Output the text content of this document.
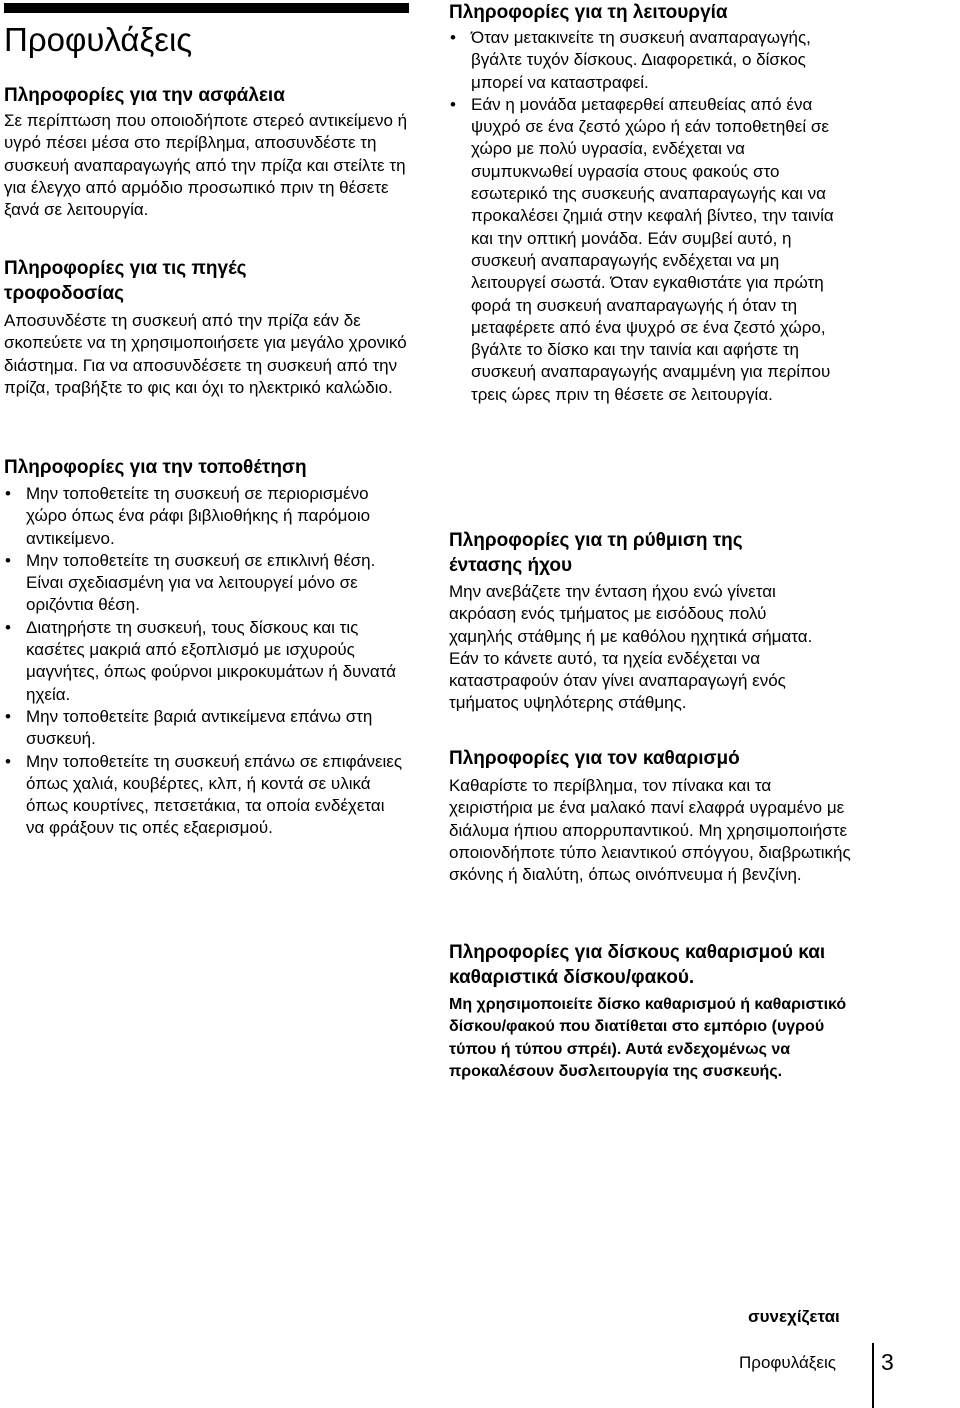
Προφυλάξεις
Πληροφορίες για την ασφάλεια

Σε περίπτωση που οποιοδήποτε στερεό αντικείμενο ή υγρό πέσει μέσα στο περίβλημα, αποσυνδέστε τη συσκευή αναπαραγωγής από την πρίζα και στείλτε τη για έλεγχο από αρμόδιο προσωπικό πριν τη θέσετε ξανά σε λειτουργία.

Πληροφορίες για τις πηγές τροφοδοσίας

Αποσυνδέστε τη συσκευή από την πρίζα εάν δε σκοπεύετε να τη χρησιμοποιήσετε για μεγάλο χρονικό διάστημα. Για να αποσυνδέσετε τη συσκευή από την πρίζα, τραβήξτε το φις και όχι το ηλεκτρικό καλώδιο.

Πληροφορίες για την τοποθέτηση
• Μην τοποθετείτε τη συσκευή σε περιορισμένο χώρο όπως ένα ράφι βιβλιοθήκης ή παρόμοιο αντικείμενο.
• Μην τοποθετείτε τη συσκευή σε επικλινή θέση. Είναι σχεδιασμένη για να λειτουργεί μόνο σε οριζόντια θέση.
• Διατηρήστε τη συσκευή, τους δίσκους και τις κασέτες μακριά από εξοπλισμό με ισχυρούς μαγνήτες, όπως φούρνοι μικροκυμάτων ή δυνατά ηχεία.
• Μην τοποθετείτε βαριά αντικείμενα επάνω στη συσκευή.
• Μην τοποθετείτε τη συσκευή επάνω σε επιφάνειες όπως χαλιά, κουβέρτες, κλπ, ή κοντά σε υλικά όπως κουρτίνες, πετσετάκια, τα οποία ενδέχεται να φράξουν τις οπές εξαερισμού.
Πληροφορίες για τη λειτουργία
• Όταν μετακινείτε τη συσκευή αναπαραγωγής, βγάλτε τυχόν δίσκους. Διαφορετικά, ο δίσκος μπορεί να καταστραφεί.
• Εάν η μονάδα μεταφερθεί απευθείας από ένα ψυχρό σε ένα ζεστό χώρο ή εάν τοποθετηθεί σε χώρο με πολύ υγρασία, ενδέχεται να συμπυκνωθεί υγρασία στους φακούς στο εσωτερικό της συσκευής αναπαραγωγής και να προκαλέσει ζημιά στην κεφαλή βίντεο, την ταινία και την οπτική μονάδα. Εάν συμβεί αυτό, η συσκευή αναπαραγωγής ενδέχεται να μη λειτουργεί σωστά. Όταν εγκαθιστάτε για πρώτη φορά τη συσκευή αναπαραγωγής ή όταν τη μεταφέρετε από ένα ψυχρό σε ένα ζεστό χώρο, βγάλτε το δίσκο και την ταινία και αφήστε τη συσκευή αναπαραγωγής αναμμένη για περίπου τρεις ώρες πριν τη θέσετε σε λειτουργία.
Πληροφορίες για τη ρύθμιση της έντασης ήχου

Μην ανεβάζετε την ένταση ήχου ενώ γίνεται ακρόαση ενός τμήματος με εισόδους πολύ χαμηλής στάθμης ή με καθόλου ηχητικά σήματα. Εάν το κάνετε αυτό, τα ηχεία ενδέχεται να καταστραφούν όταν γίνει αναπαραγωγή ενός τμήματος υψηλότερης στάθμης.

Πληροφορίες για τον καθαρισμό

Καθαρίστε το περίβλημα, τον πίνακα και τα χειριστήρια με ένα μαλακό πανί ελαφρά υγραμένο με διάλυμα ήπιου απορρυπαντικού. Μη χρησιμοποιήστε οποιονδήποτε τύπο λειαντικού σπόγγου, διαβρωτικής σκόνης ή διαλύτη, όπως οινόπνευμα ή βενζίνη.

Πληροφορίες για δίσκους καθαρισμού και καθαριστικά δίσκου/φακού.

Μη χρησιμοποιείτε δίσκο καθαρισμού ή καθαριστικό δίσκου/φακού που διατίθεται στο εμπόριο (υγρού τύπου ή τύπου σπρέι). Αυτά ενδεχομένως να προκαλέσουν δυσλειτουργία της συσκευής.

συνεχίζεται
Προφυλάξεις 3
